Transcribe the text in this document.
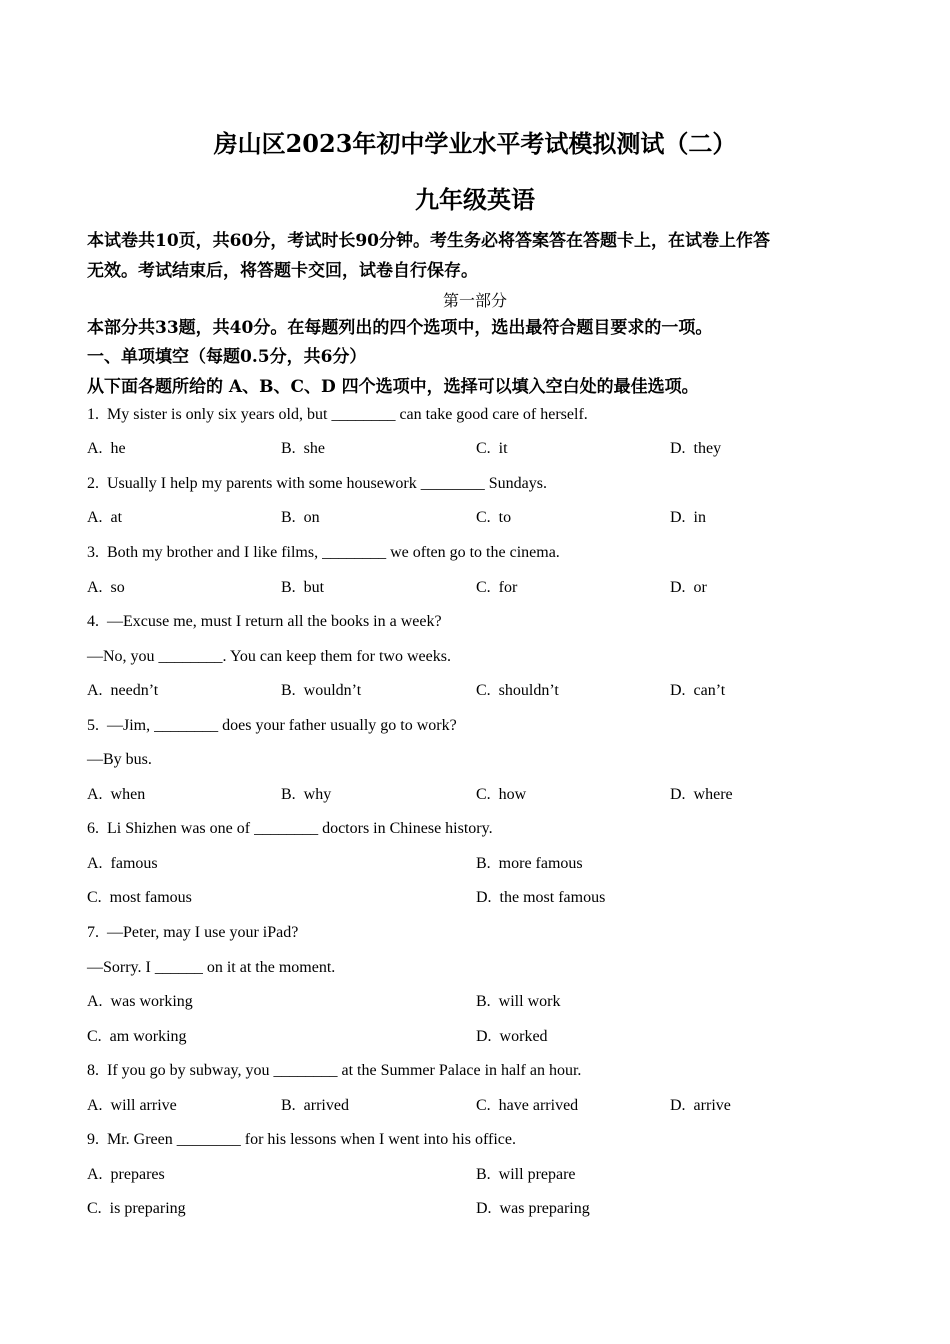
房山区2023年初中学业水平考试模拟测试（二）
九年级英语
本试卷共10页，共60分，考试时长90分钟。考生务必将答案答在答题卡上，在试卷上作答
无效。考试结束后，将答题卡交回，试卷自行保存。
第一部分
本部分共33题，共40分。在每题列出的四个选项中，选出最符合题目要求的一项。
一、单项填空（每题0.5分，共6分）
从下面各题所给的 A、B、C、D 四个选项中，选择可以填入空白处的最佳选项。
1.  My sister is only six years old, but ________ can take good care of herself.
A.  he	B.  she	C.  it	D.  they
2.  Usually I help my parents with some housework ________ Sundays.
A.  at	B.  on	C.  to	D.  in
3.  Both my brother and I like films, ________ we often go to the cinema.
A.  so	B.  but	C.  for	D.  or
4.  —Excuse me, must I return all the books in a week?
—No, you ________. You can keep them for two weeks.
A.  needn’t	B.  wouldn’t	C.  shouldn’t	D.  can’t
5.  —Jim, ________ does your father usually go to work?
—By bus.
A.  when	B.  why	C.  how	D.  where
6.  Li Shizhen was one of ________ doctors in Chinese history.
A.  famous	B.  more famous
C.  most famous	D.  the most famous
7.  —Peter, may I use your iPad?
—Sorry. I ______ on it at the moment.
A.  was working	B.  will work
C.  am working	D.  worked
8.  If you go by subway, you ________ at the Summer Palace in half an hour.
A.  will arrive	B.  arrived	C.  have arrived	D.  arrive
9.  Mr. Green ________ for his lessons when I went into his office.
A.  prepares	B.  will prepare
C.  is preparing	D.  was preparing
